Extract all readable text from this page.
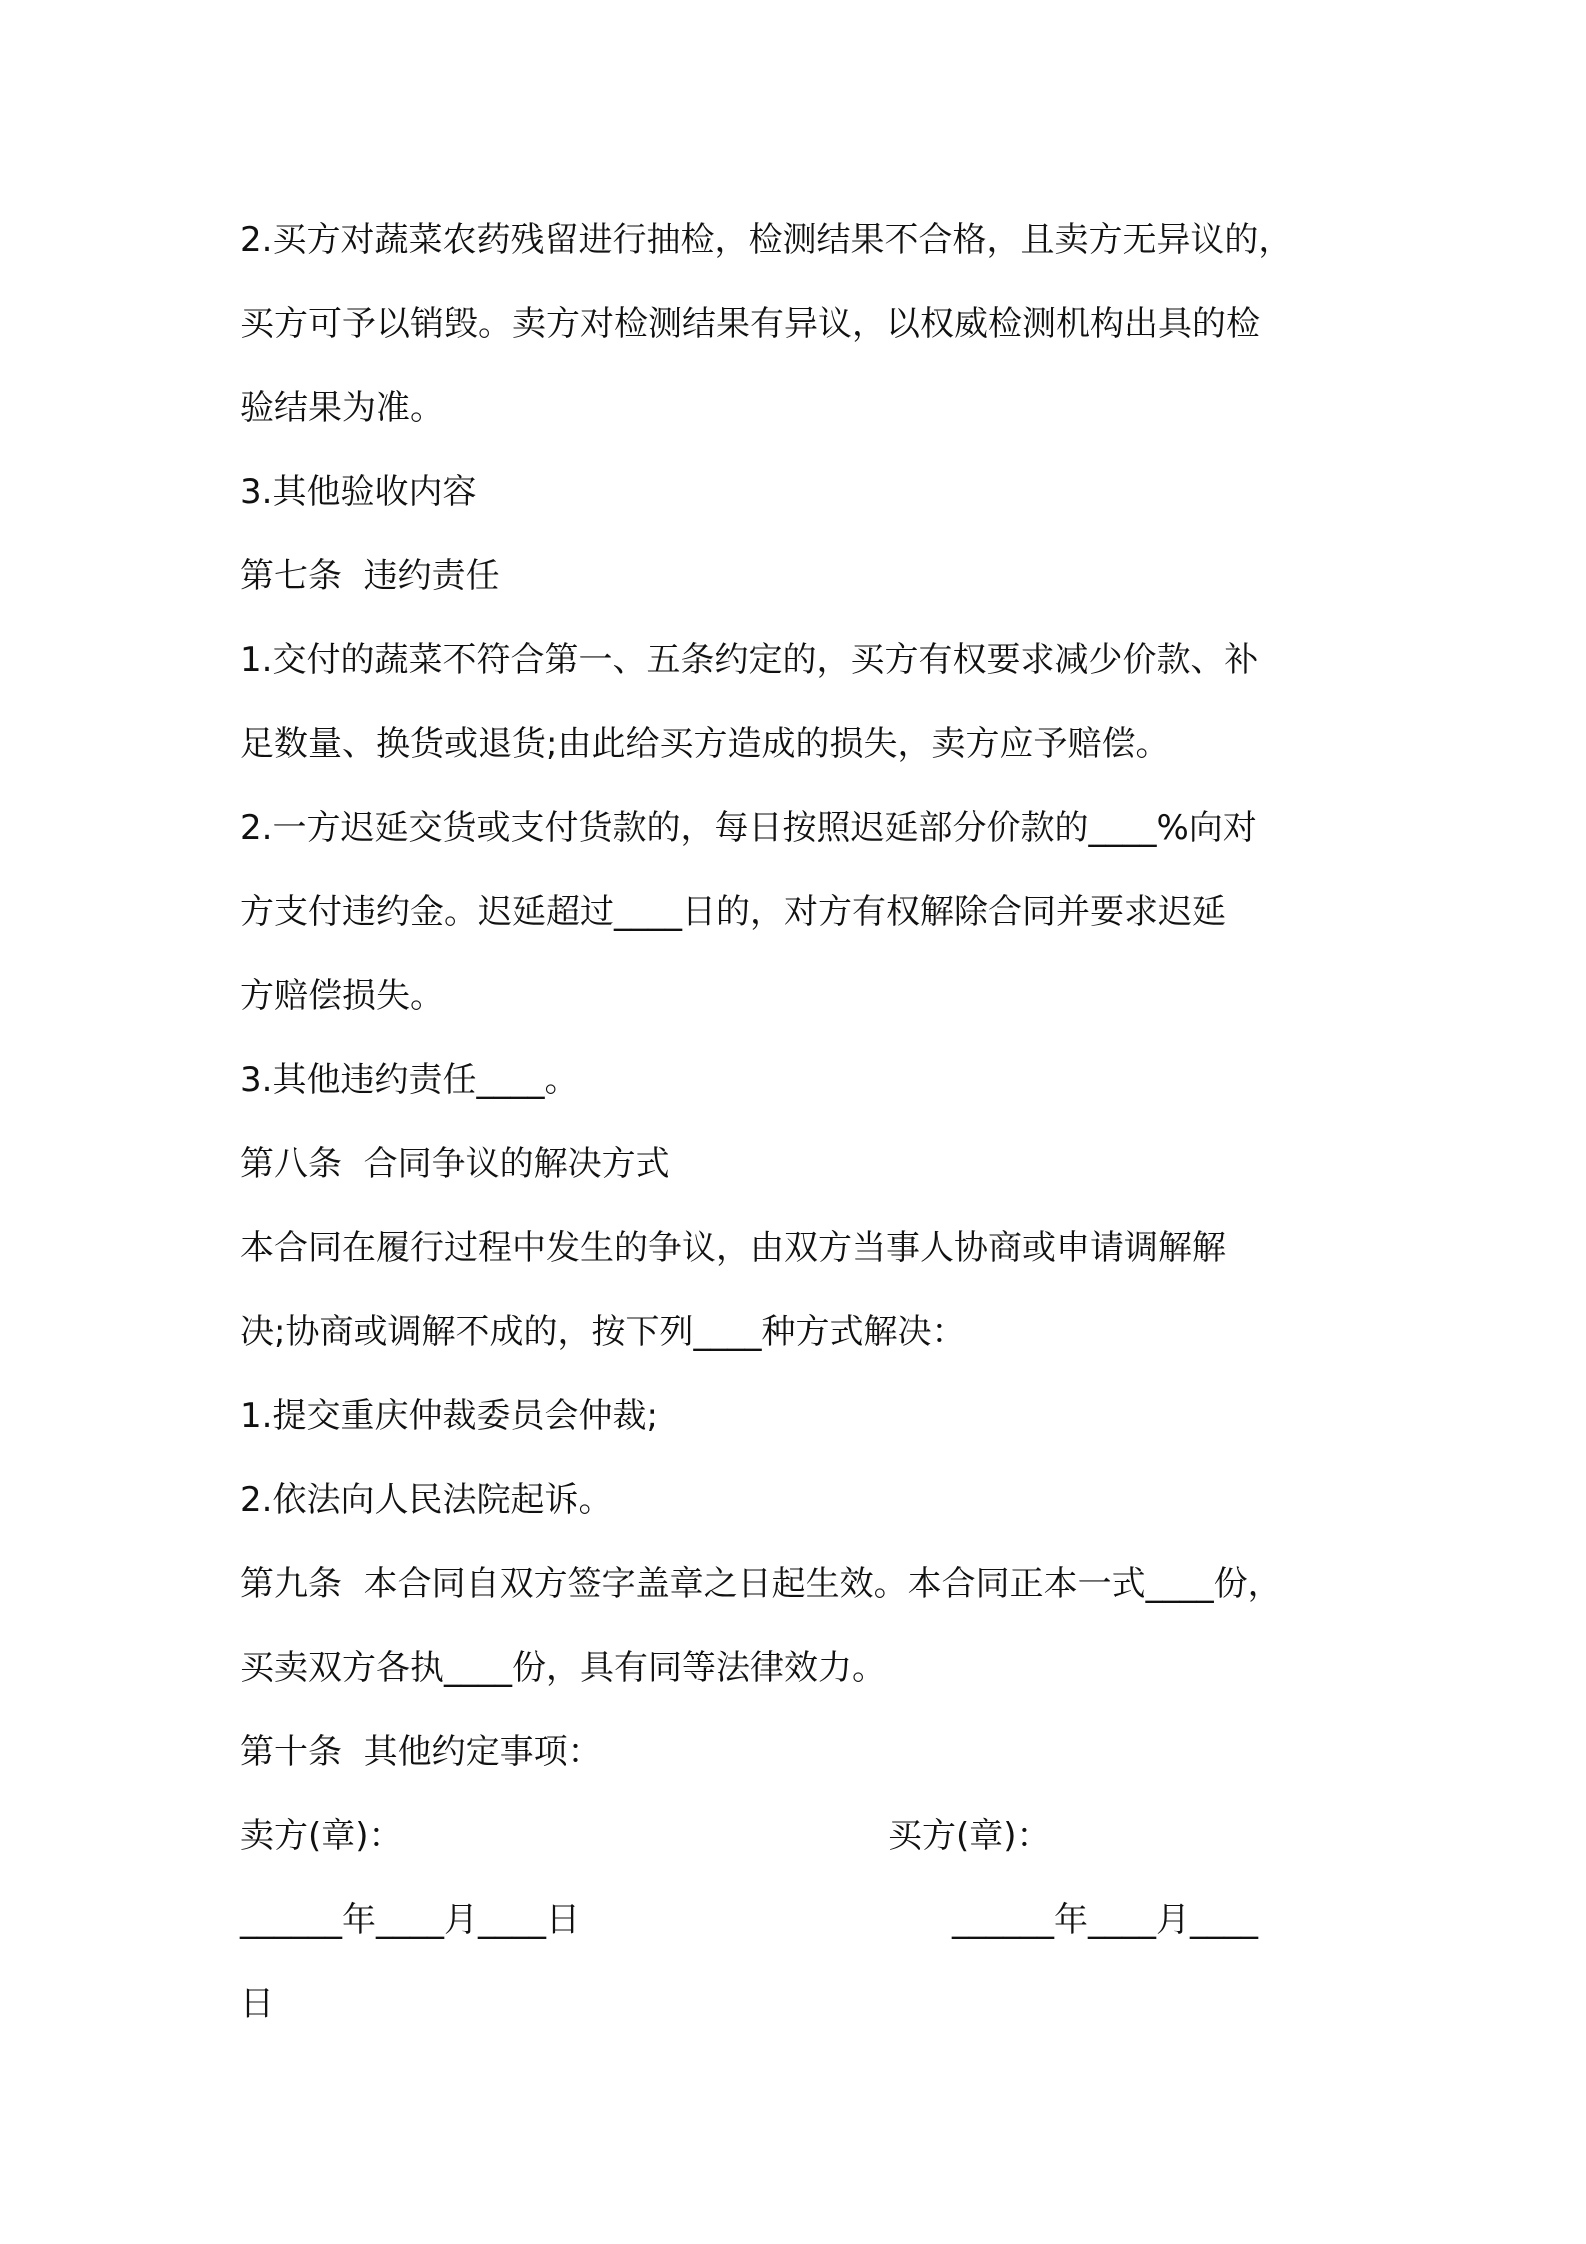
2.买方对蔬菜农药残留进行抽检，检测结果不合格，且卖方无异议的，
买方可予以销毁。卖方对检测结果有异议，以权威检测机构出具的检
验结果为准。
3.其他验收内容
第七条  违约责任
1.交付的蔬菜不符合第一、五条约定的，买方有权要求减少价款、补
足数量、换货或退货;由此给买方造成的损失，卖方应予赔偿。
2.一方迟延交货或支付货款的，每日按照迟延部分价款的____%向对
方支付违约金。迟延超过____日的，对方有权解除合同并要求迟延
方赔偿损失。
3.其他违约责任____。
第八条  合同争议的解决方式
本合同在履行过程中发生的争议，由双方当事人协商或申请调解解
决;协商或调解不成的，按下列____种方式解决：
1.提交重庆仲裁委员会仲裁;
2.依法向人民法院起诉。
第九条  本合同自双方签字盖章之日起生效。本合同正本一式____份，
买卖双方各执____份，具有同等法律效力。
第十条  其他约定事项：

卖方(章)：

	买方(章)：

______年____月____日

	______年____月____

日
